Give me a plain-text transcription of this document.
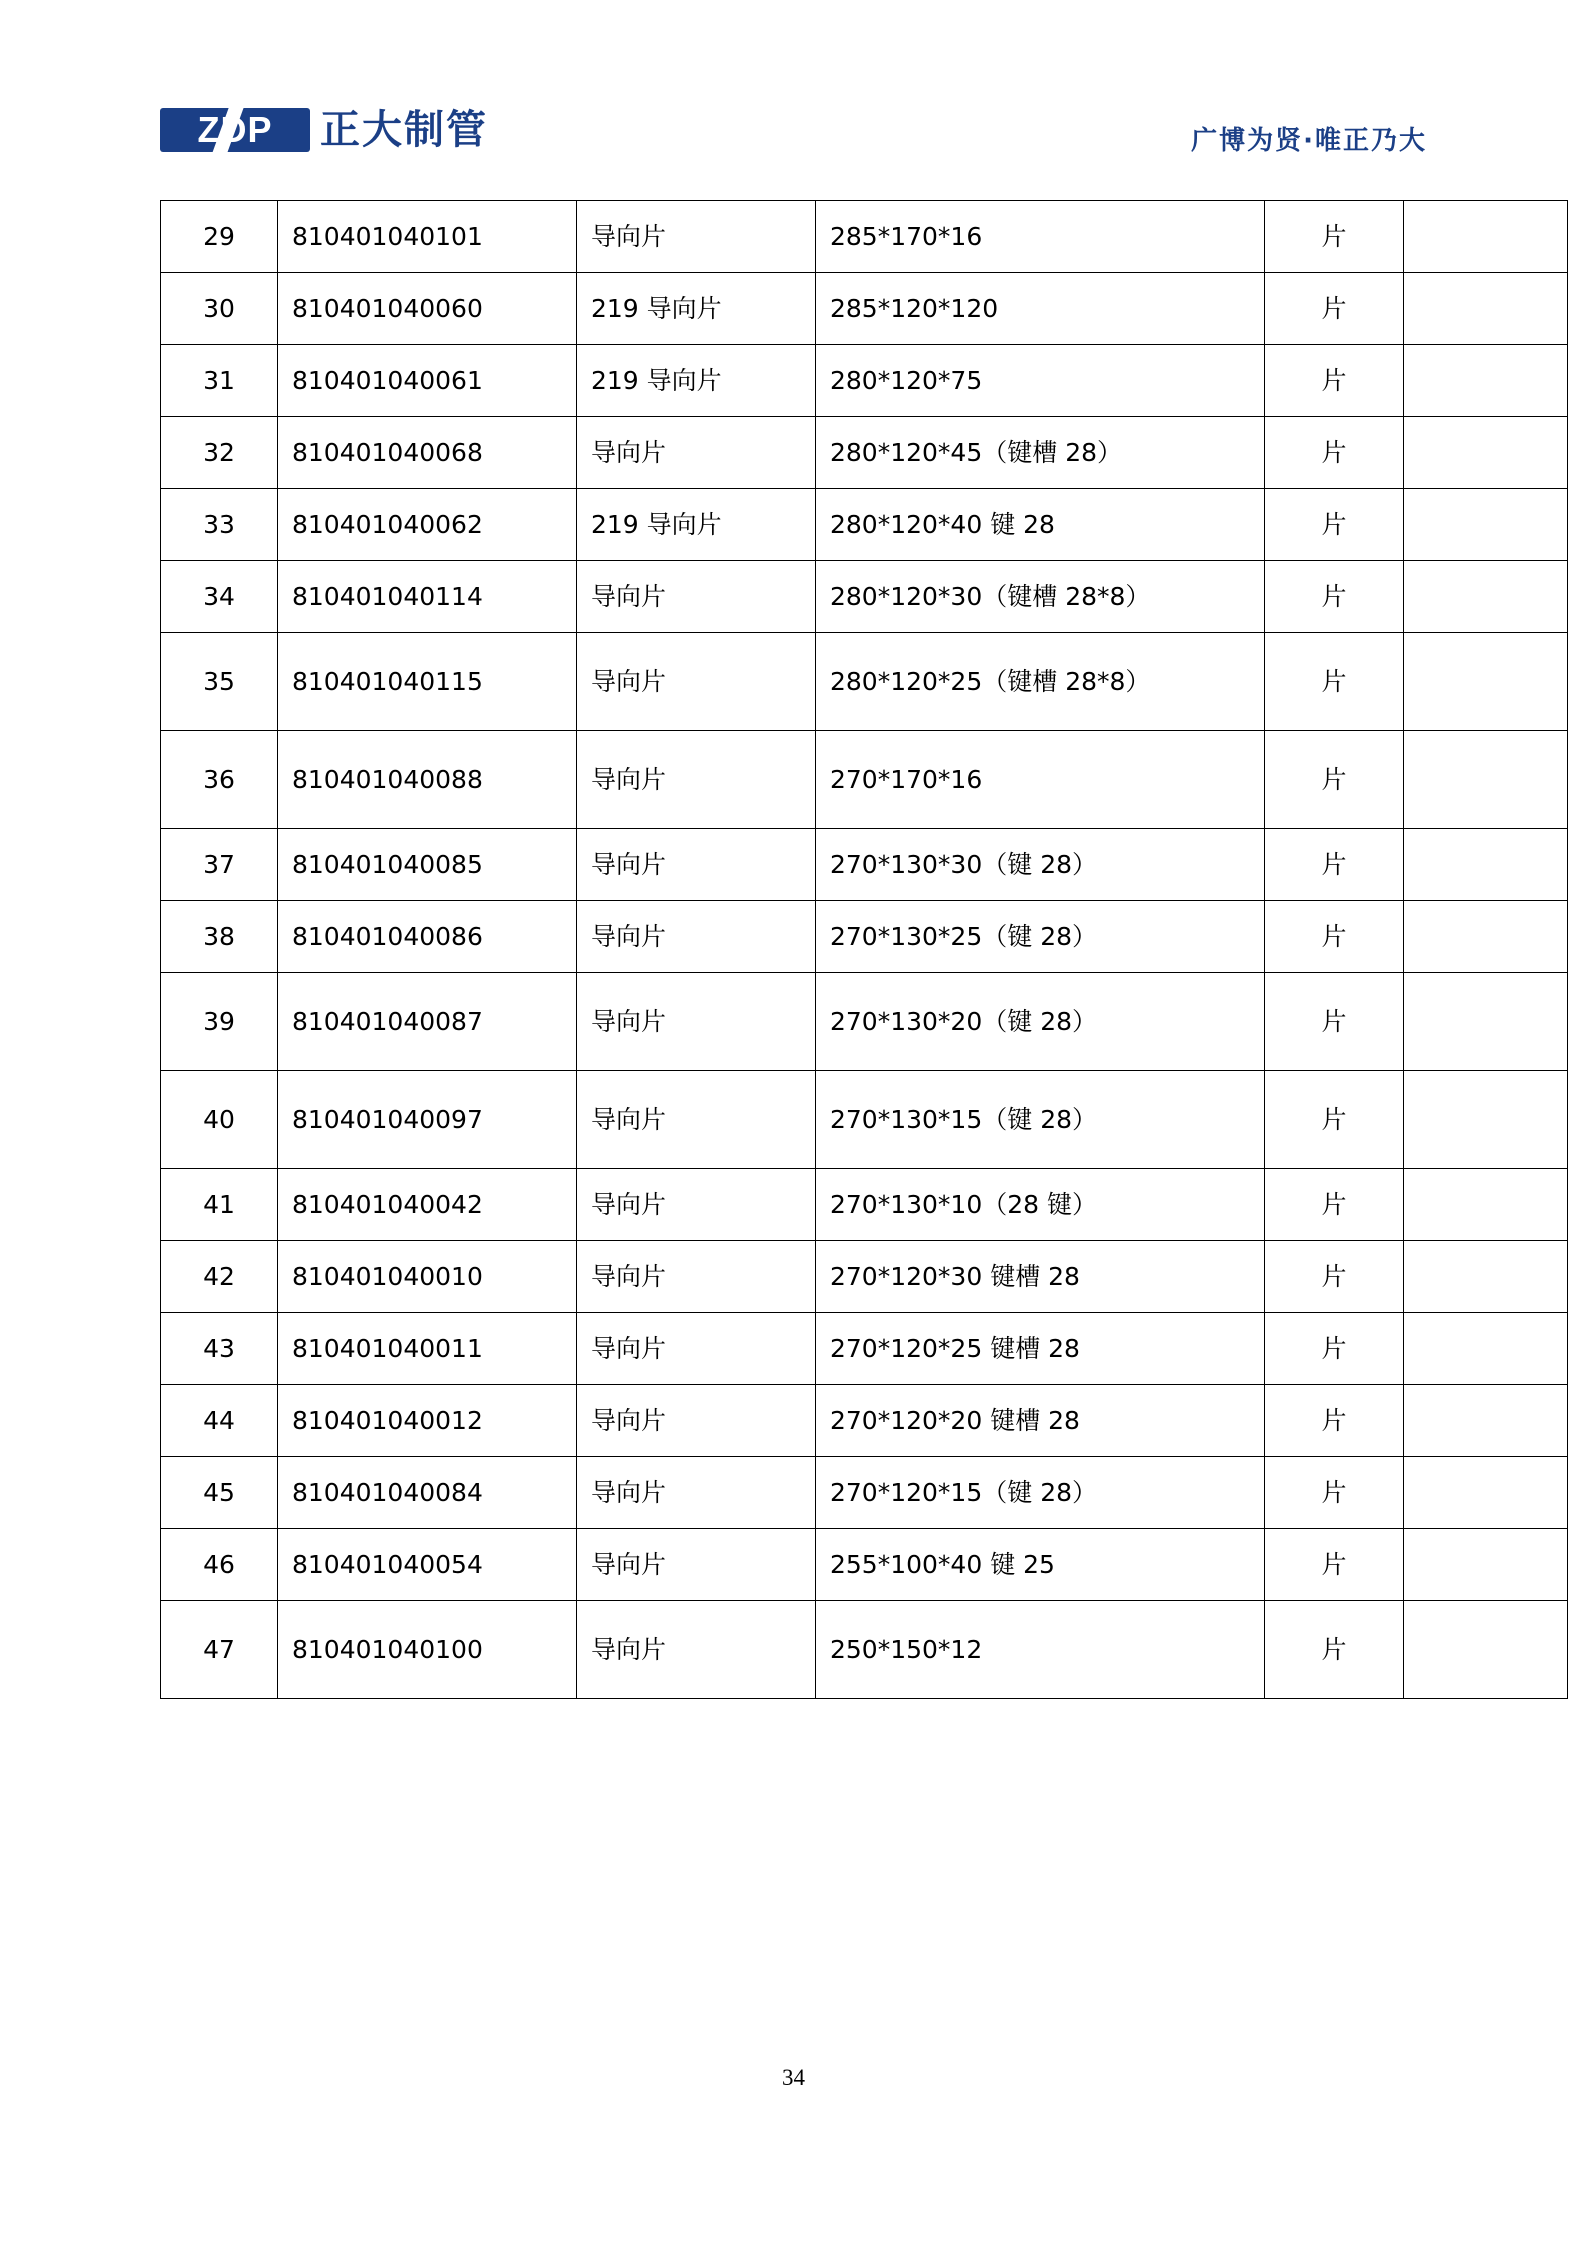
ZDP 正大制管	广博为贤·唯正乃大
29	810401040101	导向片	285*170*16	片	
30	810401040060	219 导向片	285*120*120	片	
31	810401040061	219 导向片	280*120*75	片	
32	810401040068	导向片	280*120*45（键槽 28）	片	
33	810401040062	219 导向片	280*120*40 键 28	片	
34	810401040114	导向片	280*120*30（键槽 28*8）	片	
35	810401040115	导向片	280*120*25（键槽 28*8）	片	
36	810401040088	导向片	270*170*16	片	
37	810401040085	导向片	270*130*30（键 28）	片	
38	810401040086	导向片	270*130*25（键 28）	片	
39	810401040087	导向片	270*130*20（键 28）	片	
40	810401040097	导向片	270*130*15（键 28）	片	
41	810401040042	导向片	270*130*10（28 键）	片	
42	810401040010	导向片	270*120*30 键槽 28	片	
43	810401040011	导向片	270*120*25 键槽 28	片	
44	810401040012	导向片	270*120*20 键槽 28	片	
45	810401040084	导向片	270*120*15（键 28）	片	
46	810401040054	导向片	255*100*40 键 25	片	
47	810401040100	导向片	250*150*12	片	
34
